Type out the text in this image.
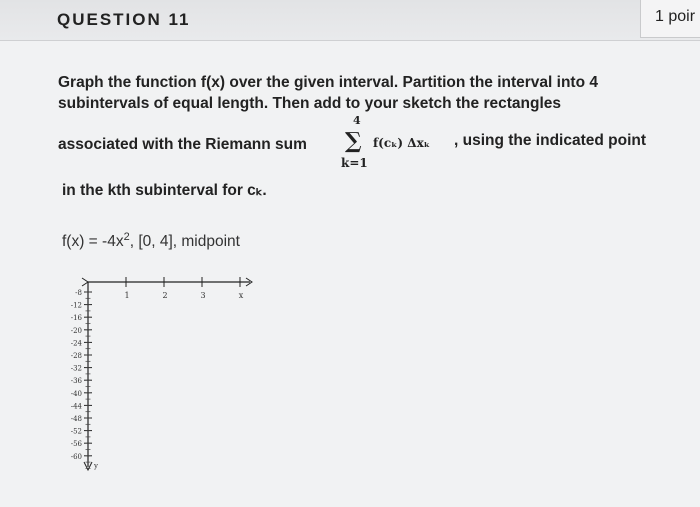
QUESTION 11	1 poir
Graph the function f(x) over the given interval. Partition the interval into 4
subintervals of equal length. Then add to your sketch the rectangles
associated with the Riemann sum
4
∑
k=1
f(cₖ) Δxₖ , using the indicated point
in the kth subinterval for cₖ.
$f(x) = -4x^2$, [0, 4], midpoint
1	2	3	x
-8
-12
-16
-20
-24
-28
-32
-36
-40
-44
-48
-52
-56
-60
y
